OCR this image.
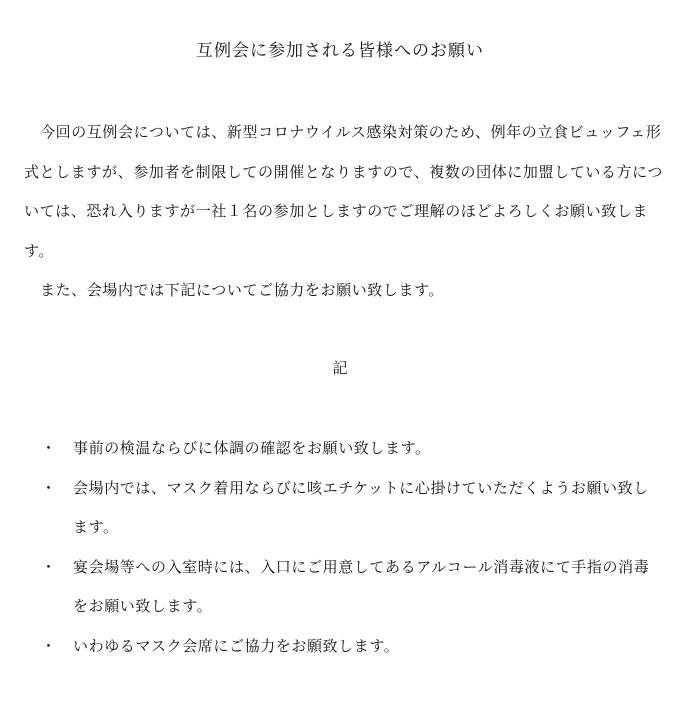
互例会に参加される皆様へのお願い

今回の互例会については、新型コロナウイルス感染対策のため、例年の立食ビュッフェ形式としますが、参加者を制限しての開催となりますので、複数の団体に加盟している方については、恐れ入りますが一社１名の参加としますのでご理解のほどよろしくお願い致します。

また、会場内では下記についてご協力をお願い致します。

記

・ 事前の検温ならびに体調の確認をお願い致します。
・ 会場内では、マスク着用ならびに咳エチケットに心掛けていただくようお願い致します。
・ 宴会場等への入室時には、入口にご用意してあるアルコール消毒液にて手指の消毒をお願い致します。
・ いわゆるマスク会席にご協力をお願致します。
